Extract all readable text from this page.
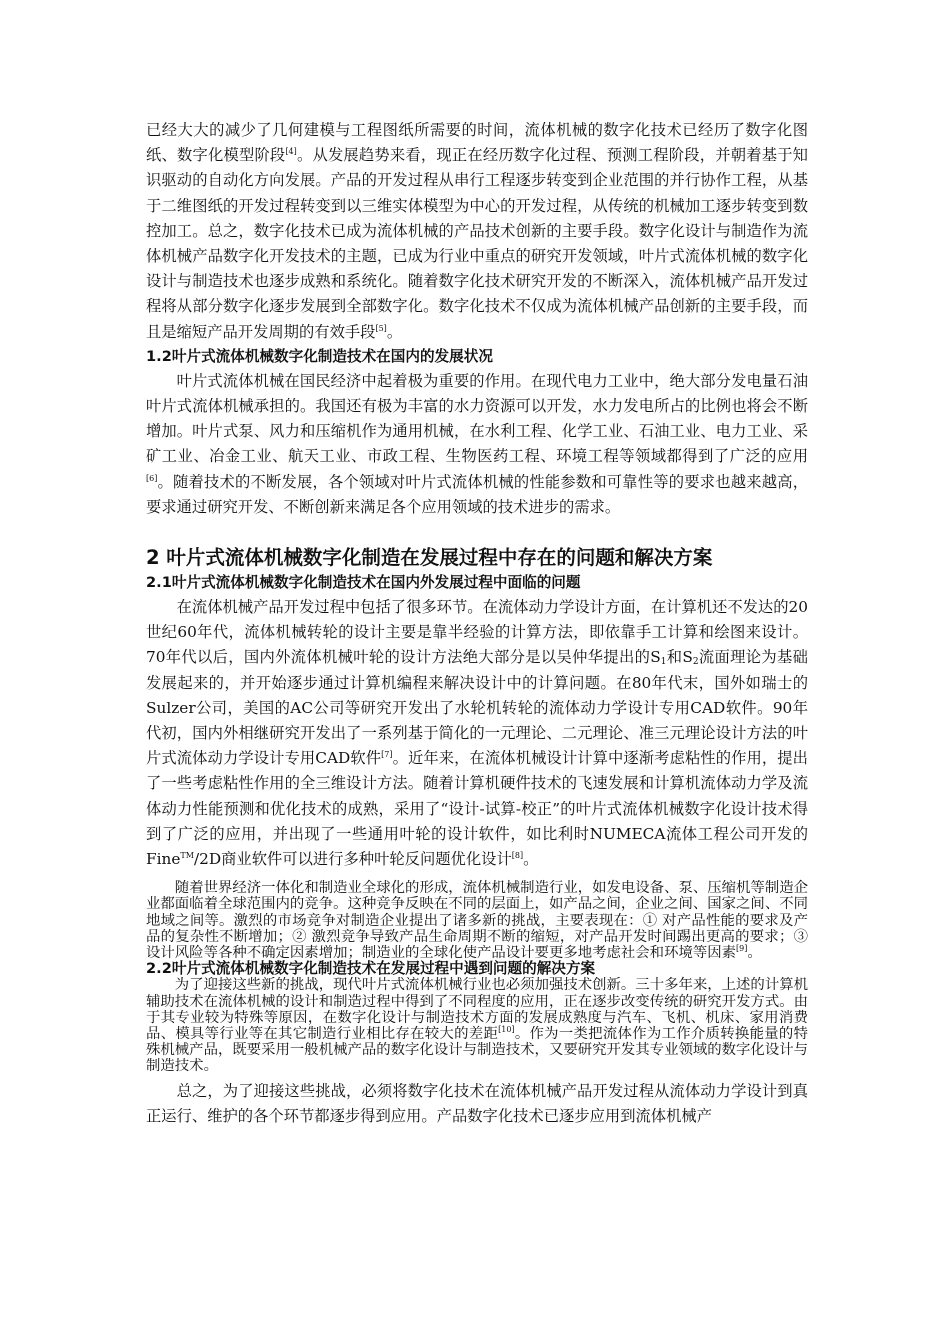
已经大大的减少了几何建模与工程图纸所需要的时间，流体机械的数字化技术已经历了数字化图纸、数字化模型阶段[4]。从发展趋势来看，现正在经历数字化过程、预测工程阶段，并朝着基于知识驱动的自动化方向发展。产品的开发过程从串行工程逐步转变到企业范围的并行协作工程，从基于二维图纸的开发过程转变到以三维实体模型为中心的开发过程，从传统的机械加工逐步转变到数控加工。总之，数字化技术已成为流体机械的产品技术创新的主要手段。数字化设计与制造作为流体机械产品数字化开发技术的主题，已成为行业中重点的研究开发领域，叶片式流体机械的数字化设计与制造技术也逐步成熟和系统化。随着数字化技术研究开发的不断深入，流体机械产品开发过程将从部分数字化逐步发展到全部数字化。数字化技术不仅成为流体机械产品创新的主要手段，而且是缩短产品开发周期的有效手段[5]。

1.2叶片式流体机械数字化制造技术在国内的发展状况

叶片式流体机械在国民经济中起着极为重要的作用。在现代电力工业中，绝大部分发电量石油叶片式流体机械承担的。我国还有极为丰富的水力资源可以开发，水力发电所占的比例也将会不断增加。叶片式泵、风力和压缩机作为通用机械，在水利工程、化学工业、石油工业、电力工业、采矿工业、冶金工业、航天工业、市政工程、生物医药工程、环境工程等领域都得到了广泛的应用[6]。随着技术的不断发展，各个领域对叶片式流体机械的性能参数和可靠性等的要求也越来越高，要求通过研究开发、不断创新来满足各个应用领域的技术进步的需求。

2 叶片式流体机械数字化制造在发展过程中存在的问题和解决方案

2.1叶片式流体机械数字化制造技术在国内外发展过程中面临的问题

在流体机械产品开发过程中包括了很多环节。在流体动力学设计方面，在计算机还不发达的20世纪60年代，流体机械转轮的设计主要是靠半经验的计算方法，即依靠手工计算和绘图来设计。70年代以后，国内外流体机械叶轮的设计方法绝大部分是以吴仲华提出的$S_1$和$S_2$流面理论为基础发展起来的，并开始逐步通过计算机编程来解决设计中的计算问题。在80年代末，国外如瑞士的Sulzer公司，美国的AC公司等研究开发出了水轮机转轮的流体动力学设计专用CAD软件。90年代初，国内外相继研究开发出了一系列基于简化的一元理论、二元理论、准三元理论设计方法的叶片式流体动力学设计专用CAD软件[7]。近年来，在流体机械设计计算中逐渐考虑粘性的作用，提出了一些考虑粘性作用的全三维设计方法。随着计算机硬件技术的飞速发展和计算机流体动力学及流体动力性能预测和优化技术的成熟，采用了“设计-试算-校正”的叶片式流体机械数字化设计技术得到了广泛的应用，并出现了一些通用叶轮的设计软件，如比利时NUMECA流体工程公司开发的Fine™/2D商业软件可以进行多种叶轮反问题优化设计[8]。

随着世界经济一体化和制造业全球化的形成，流体机械制造行业，如发电设备、泵、压缩机等制造企业都面临着全球范围内的竞争。这种竞争反映在不同的层面上，如产品之间，企业之间、国家之间、不同地域之间等。激烈的市场竞争对制造企业提出了诸多新的挑战，主要表现在：① 对产品性能的要求及产品的复杂性不断增加；② 激烈竞争导致产品生命周期不断的缩短，对产品开发时间踢出更高的要求；③ 设计风险等各种不确定因素增加；制造业的全球化使产品设计要更多地考虑社会和环境等因素[9]。

2.2叶片式流体机械数字化制造技术在发展过程中遇到问题的解决方案

为了迎接这些新的挑战，现代叶片式流体机械行业也必须加强技术创新。三十多年来，上述的计算机辅助技术在流体机械的设计和制造过程中得到了不同程度的应用，正在逐步改变传统的研究开发方式。由于其专业较为特殊等原因，在数字化设计与制造技术方面的发展成熟度与汽车、飞机、机床、家用消费品、模具等行业等在其它制造行业相比存在较大的差距[10]。作为一类把流体作为工作介质转换能量的特殊机械产品，既要采用一般机械产品的数字化设计与制造技术，又要研究开发其专业领域的数字化设计与制造技术。

总之，为了迎接这些挑战，必须将数字化技术在流体机械产品开发过程从流体动力学设计到真正运行、维护的各个环节都逐步得到应用。产品数字化技术已逐步应用到流体机械产
